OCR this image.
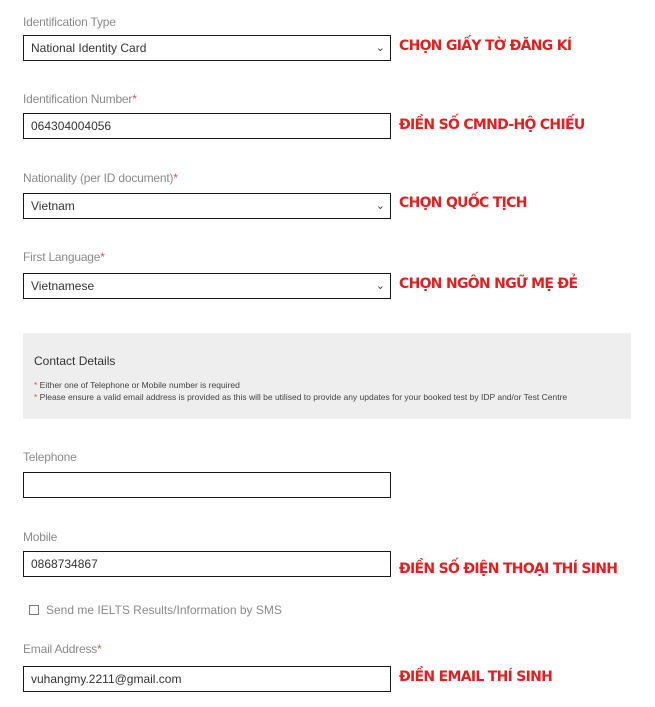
Identification Type
National Identity Card	⌄ CHỌN GIẤY TỜ ĐĂNG KÍ
Identification Number*
064304004056	ĐIỀN SỐ CMND-HỘ CHIẾU
Nationality (per ID document)*
Vietnam	⌄ CHỌN QUỐC TỊCH
First Language*
Vietnamese	⌄ CHỌN NGÔN NGỮ MẸ ĐẺ
Contact Details
* Either one of Telephone or Mobile number is required
* Please ensure a valid email address is provided as this will be utilised to provide any updates for your booked test by IDP and/or Test Centre
Telephone
Mobile
0868734867	ĐIỀN SỐ ĐIỆN THOẠI THÍ SINH
Send me IELTS Results/Information by SMS
Email Address*
vuhangmy.2211@gmail.com	ĐIỀN EMAIL THÍ SINH
